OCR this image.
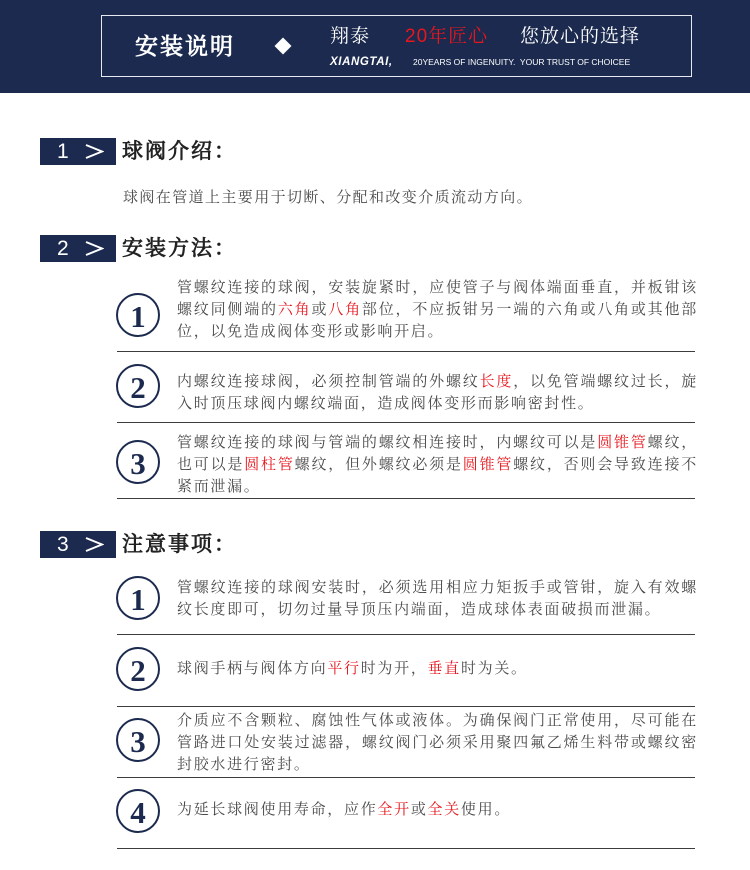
安装说明	翔泰 20年匠心 您放心的选择
XIANGTAI, 20YEARS OF INGENUITY.  YOUR TRUST OF CHOICEE
1	球阀介绍：

球阀在管道上主要用于切断、分配和改变介质流动方向。

2	安装方法：
1

管螺纹连接的球阀，安装旋紧时，应使管子与阀体端面垂直，并板钳该螺纹同侧端的六角或八角部位，不应扳钳另一端的六角或八角或其他部位，以免造成阀体变形或影响开启。

2	内螺纹连接球阀，必须控制管端的外螺纹长度，以免管端螺纹过长，旋入时顶压球阀内螺纹端面，造成阀体变形而影响密封性。

3

管螺纹连接的球阀与管端的螺纹相连接时，内螺纹可以是圆锥管螺纹，也可以是圆柱管螺纹，但外螺纹必须是圆锥管螺纹，否则会导致连接不紧而泄漏。

3	注意事项：
1	管螺纹连接的球阀安装时，必须选用相应力矩扳手或管钳，旋入有效螺纹长度即可，切勿过量导顶压内端面，造成球体表面破损而泄漏。

2	球阀手柄与阀体方向平行时为开，垂直时为关。

3

介质应不含颗粒、腐蚀性气体或液体。为确保阀门正常使用，尽可能在管路进口处安装过滤器，螺纹阀门必须采用聚四氟乙烯生料带或螺纹密封胶水进行密封。

4	为延长球阀使用寿命，应作全开或全关使用。
